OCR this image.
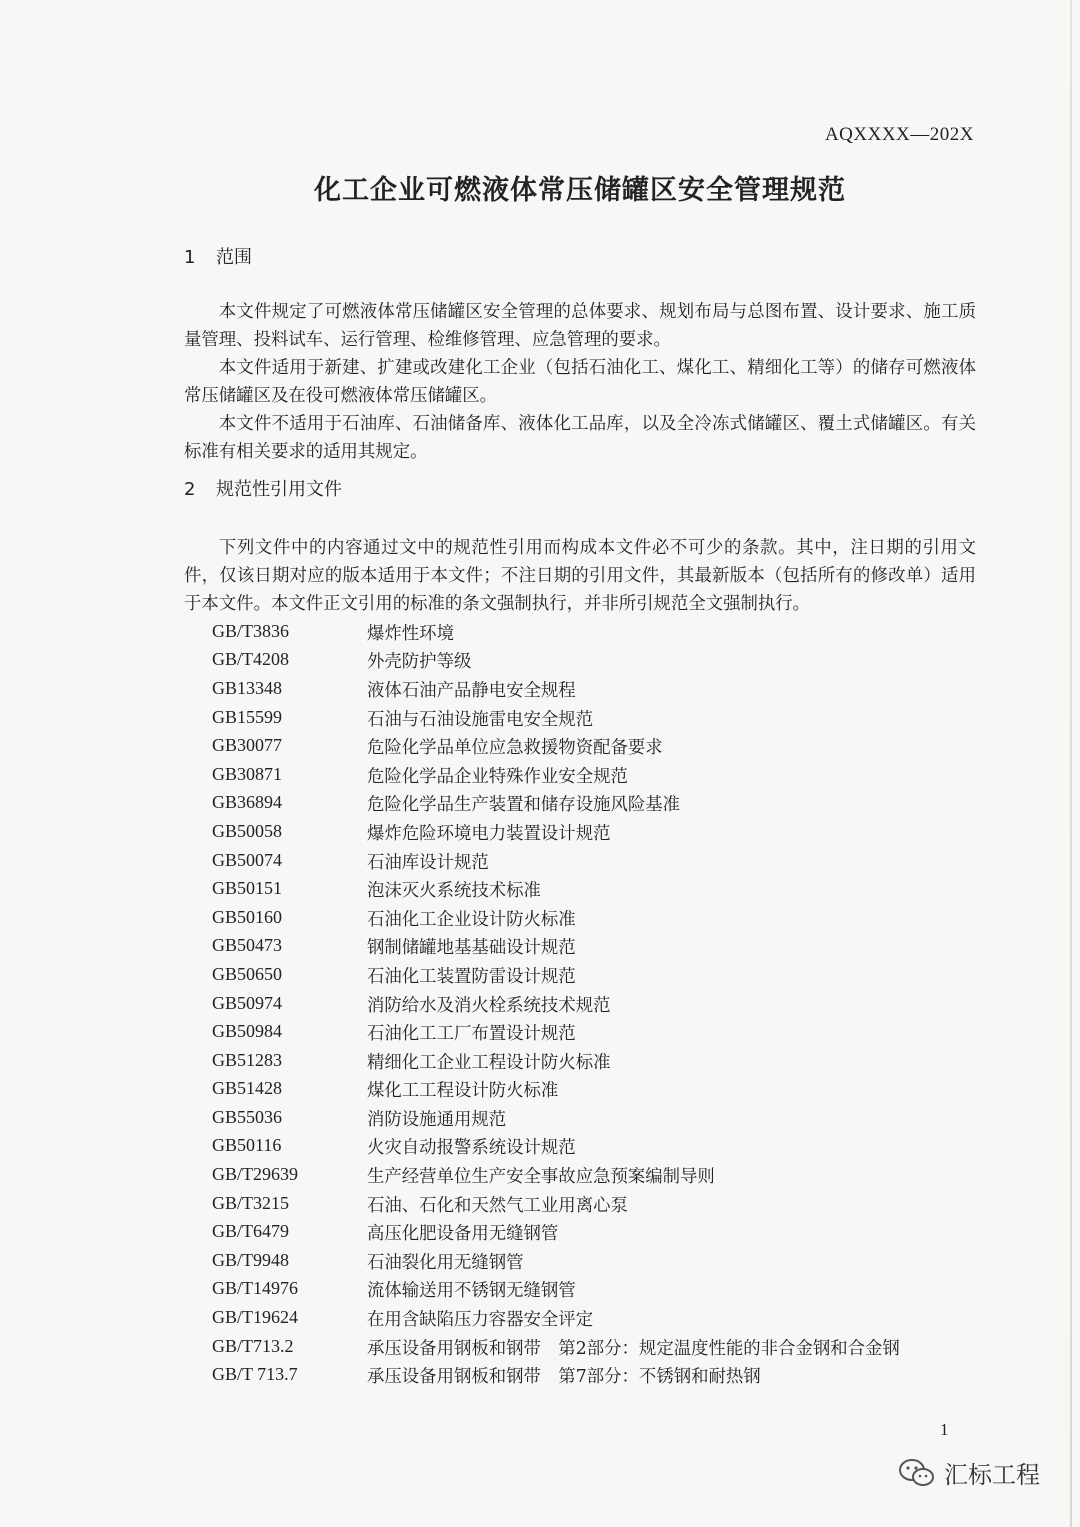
AQXXXX—202X
化工企业可燃液体常压储罐区安全管理规范
1 范围
本文件规定了可燃液体常压储罐区安全管理的总体要求、规划布局与总图布置、设计要求、施工质量管理、投料试车、运行管理、检维修管理、应急管理的要求。
本文件适用于新建、扩建或改建化工企业（包括石油化工、煤化工、精细化工等）的储存可燃液体常压储罐区及在役可燃液体常压储罐区。
本文件不适用于石油库、石油储备库、液体化工品库，以及全冷冻式储罐区、覆土式储罐区。有关标准有相关要求的适用其规定。
2 规范性引用文件
下列文件中的内容通过文中的规范性引用而构成本文件必不可少的条款。其中，注日期的引用文件，仅该日期对应的版本适用于本文件；不注日期的引用文件，其最新版本（包括所有的修改单）适用于本文件。本文件正文引用的标准的条文强制执行，并非所引规范全文强制执行。
GB/T3836	爆炸性环境
GB/T4208	外壳防护等级
GB13348	液体石油产品静电安全规程
GB15599	石油与石油设施雷电安全规范
GB30077	危险化学品单位应急救援物资配备要求
GB30871	危险化学品企业特殊作业安全规范
GB36894	危险化学品生产装置和储存设施风险基准
GB50058	爆炸危险环境电力装置设计规范
GB50074	石油库设计规范
GB50151	泡沫灭火系统技术标准
GB50160	石油化工企业设计防火标准
GB50473	钢制储罐地基基础设计规范
GB50650	石油化工装置防雷设计规范
GB50974	消防给水及消火栓系统技术规范
GB50984	石油化工工厂布置设计规范
GB51283	精细化工企业工程设计防火标准
GB51428	煤化工工程设计防火标准
GB55036	消防设施通用规范
GB50116	火灾自动报警系统设计规范
GB/T29639	生产经营单位生产安全事故应急预案编制导则
GB/T3215	石油、石化和天然气工业用离心泵
GB/T6479	高压化肥设备用无缝钢管
GB/T9948	石油裂化用无缝钢管
GB/T14976	流体输送用不锈钢无缝钢管
GB/T19624	在用含缺陷压力容器安全评定
GB/T713.2	承压设备用钢板和钢带　第2部分：规定温度性能的非合金钢和合金钢
GB/T 713.7	承压设备用钢板和钢带　第7部分：不锈钢和耐热钢
1
汇标工程
